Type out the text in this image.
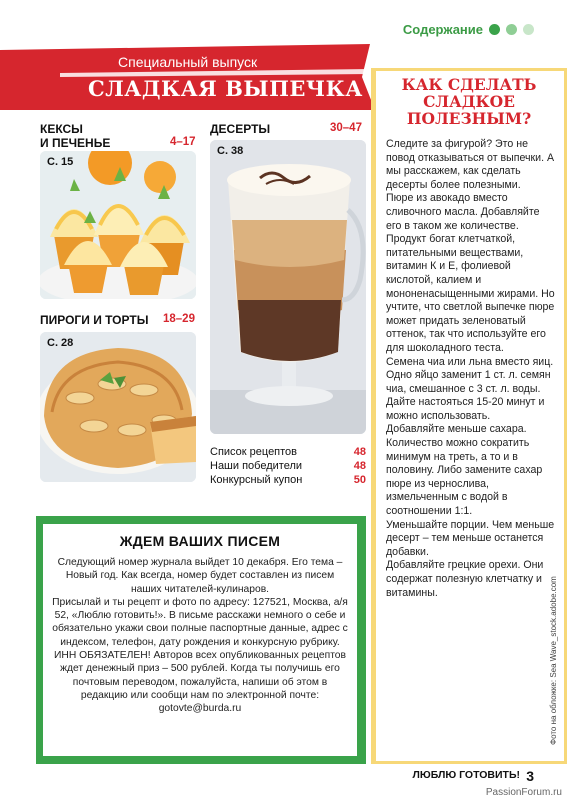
Содержание
Специальный выпуск
СЛАДКАЯ ВЫПЕЧКА
КЕКСЫ
И ПЕЧЕНЬЕ	4–17
С. 15
ДЕСЕРТЫ	30–47
С. 38
ПИРОГИ И ТОРТЫ 18–29
С. 28
Список рецептов	48
Наши победители	48
Конкурсный купон	50
КАК СДЕЛАТЬ СЛАДКОЕ ПОЛЕЗНЫМ?

Следите за фигурой? Это не повод отказываться от выпечки. А мы расскажем, как сделать десерты более полезными.

Пюре из авокадо вместо сливочного масла. Добавляйте его в таком же количестве. Продукт богат клетчаткой, питательными веществами, витамин К и Е, фолиевой кислотой, калием и мононенасыщенными жирами. Но учтите, что светлой выпечке пюре может придать зеленоватый оттенок, так что используйте его для шоколадного теста.

Семена чиа или льна вместо яиц. Одно яйцо заменит 1 ст. л. семян чиа, смешанное с 3 ст. л. воды. Дайте настояться 15-20 минут и можно использовать.

Добавляйте меньше сахара. Количество можно сократить минимум на треть, а то и в половину. Либо замените сахар пюре из чернослива, измельченным с водой в соотношении 1:1.

Уменьшайте порции. Чем меньше десерт – тем меньше останется добавки.

Добавляйте грецкие орехи. Они содержат полезную клетчатку и витамины.

ЖДЕМ ВАШИХ ПИСЕМ

Следующий номер журнала выйдет 10 декабря. Его тема – Новый год. Как всегда, номер будет составлен из писем наших читателей-кулинаров.

Присылай и ты рецепт и фото по адресу: 127521, Москва, а/я 52, «Люблю готовить!». В письме расскажи немного о себе и обязательно укажи свои полные паспортные данные, адрес с индексом, телефон, дату рождения и конкурсную рубрику.

ИНН ОБЯЗАТЕЛЕН! Авторов всех опубликованных рецептов ждет денежный приз – 500 рублей. Когда ты получишь его почтовым переводом, пожалуйста, напиши об этом в редакцию или сообщи нам по электронной почте: gotovte@burda.ru	Фото на обложке: Sea Wave_stock.adobe.com
ЛЮБЛЮ ГОТОВИТЬ! 3
PassionForum.ru
